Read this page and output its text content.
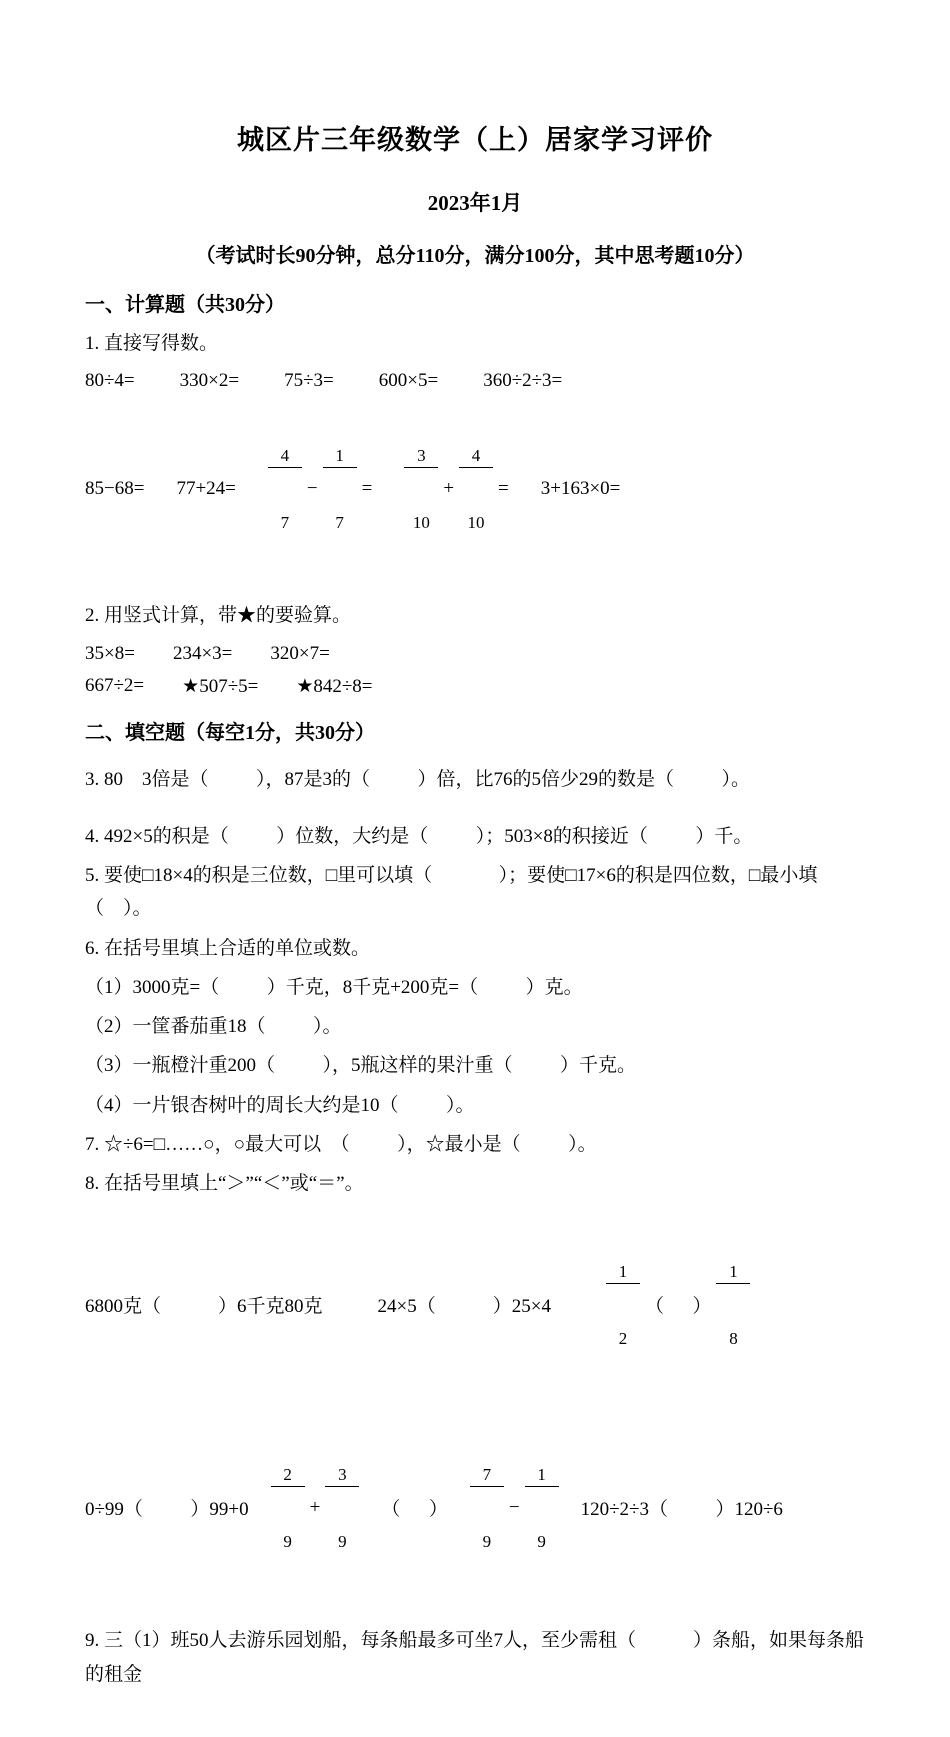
城区片三年级数学（上）居家学习评价
2023年1月
（考试时长90分钟，总分110分，满分100分，其中思考题10分）
一、计算题（共30分）
1. 直接写得数。
80÷4= 330×2= 75÷3= 600×5= 360÷2÷3=
85−68= 77+24=

$\frac{4}{7}$

−

$\frac{1}{7}$

=

$\frac{3}{10}$

+

$\frac{4}{10}$

= 3+163×0=
2. 用竖式计算，带★的要验算。
35×8= 234×3= 320×7=
667÷2= ★507÷5= ★842÷8=
二、填空题（每空1分，共30分）
3. 80　3倍是（          ），87是3的（          ）倍，比76的5倍少29的数是（          ）。
4. 492×5的积是（          ）位数，大约是（          ）；503×8的积接近（          ）千。
5. 要使□18×4的积是三位数，□里可以填（              ）；要使□17×6的积是四位数，□最小填（　）。
6. 在括号里填上合适的单位或数。
（1）3000克=（          ）千克，8千克+200克=（          ）克。
（2）一筐番茄重18（          ）。
（3）一瓶橙汁重200（          ），5瓶这样的果汁重（          ）千克。
（4）一片银杏树叶的周长大约是10（          ）。
7. ☆÷6=□……○，○最大可以　（          ），☆最小是（          ）。
8. 在括号里填上“＞”“＜”或“＝”。
6800克（            ）6千克80克	24×5（            ）25×4

	$\frac{1}{2}$

（      ）

$\frac{1}{8}$

0÷99（          ）99+0

$\frac{2}{9}$

+

$\frac{3}{9}$

（      ）

$\frac{7}{9}$

−

$\frac{1}{9}$

120÷2÷3（          ）120÷6
9. 三（1）班50人去游乐园划船，每条船最多可坐7人，至少需租（            ）条船，如果每条船的租金
